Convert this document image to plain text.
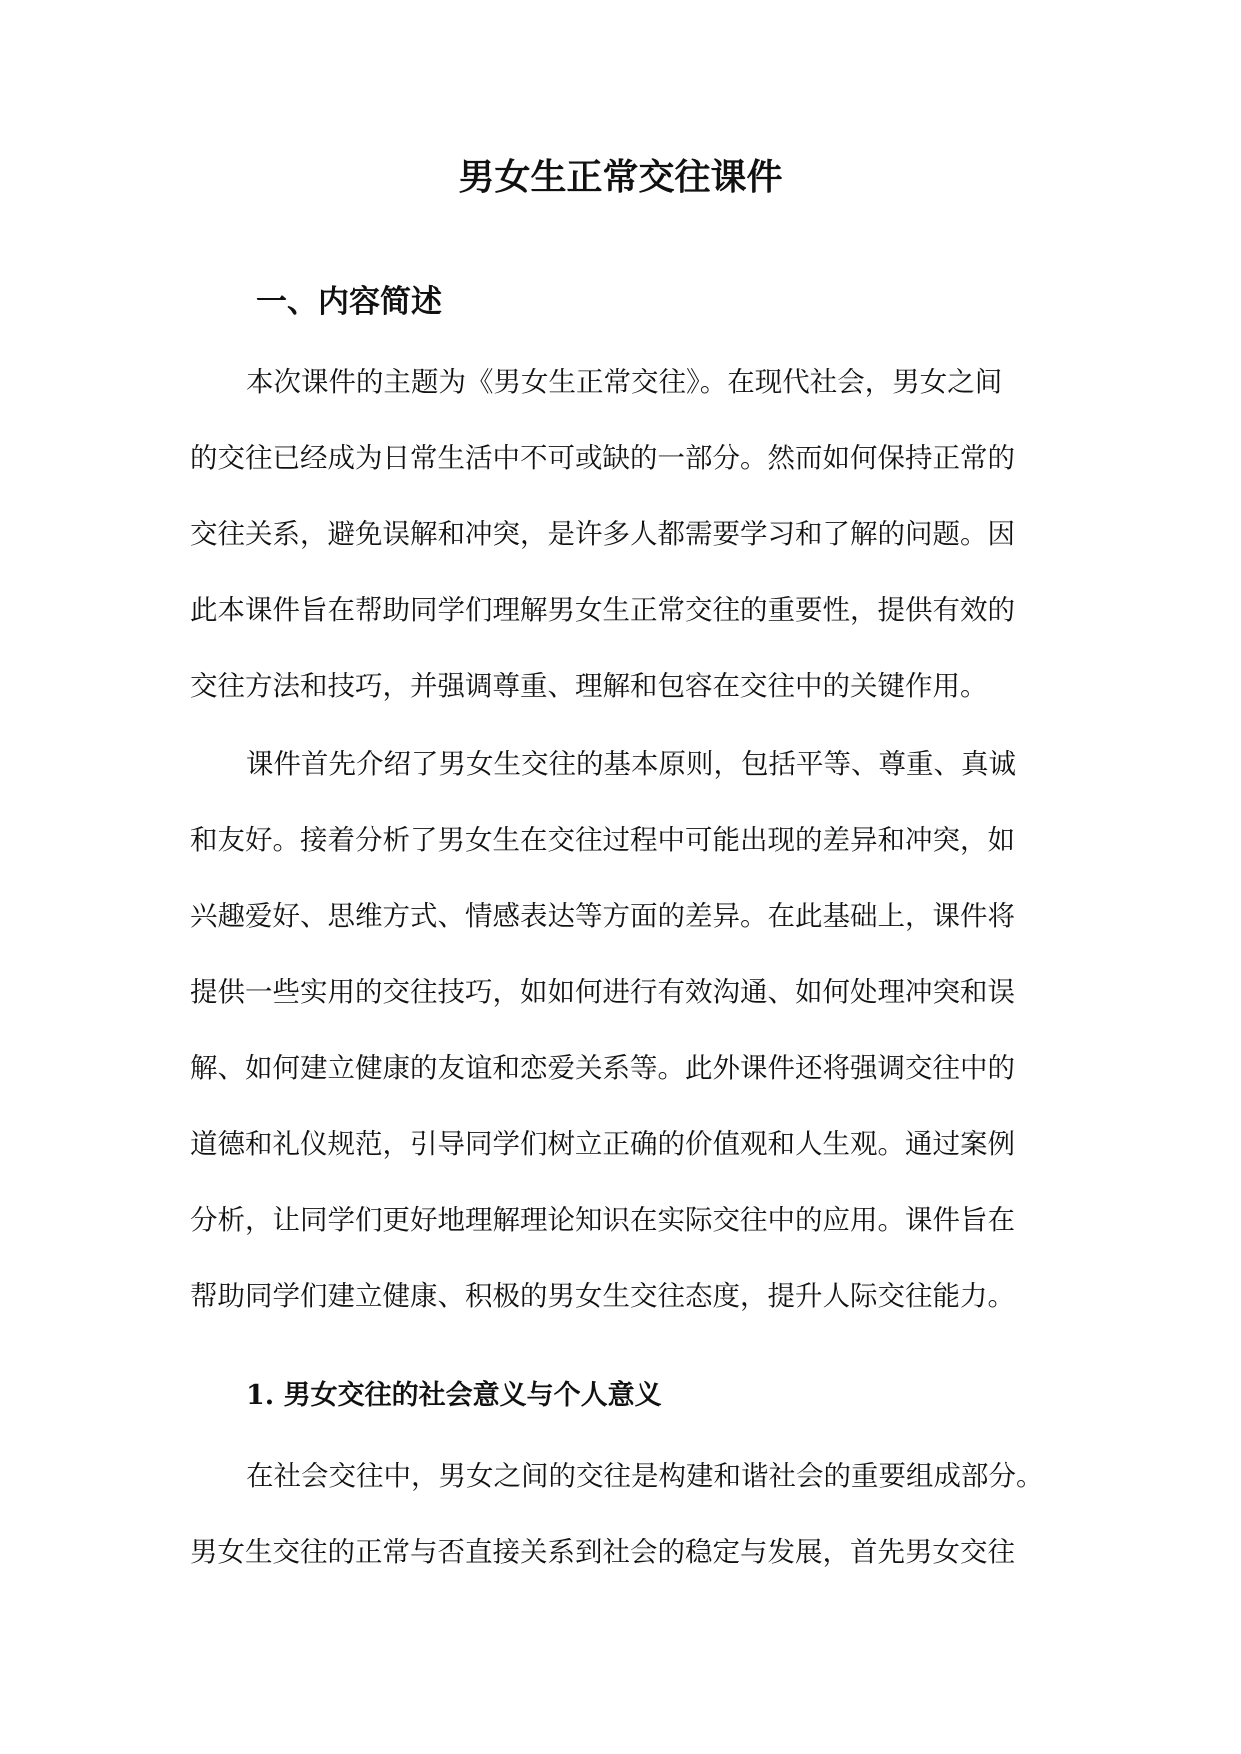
男女生正常交往课件
一、内容简述

本次课件的主题为《男女生正常交往》。在现代社会，男女之间

的交往已经成为日常生活中不可或缺的一部分。然而如何保持正常的

交往关系，避免误解和冲突，是许多人都需要学习和了解的问题。因

此本课件旨在帮助同学们理解男女生正常交往的重要性，提供有效的

交往方法和技巧，并强调尊重、理解和包容在交往中的关键作用。

课件首先介绍了男女生交往的基本原则，包括平等、尊重、真诚

和友好。接着分析了男女生在交往过程中可能出现的差异和冲突，如

兴趣爱好、思维方式、情感表达等方面的差异。在此基础上，课件将

提供一些实用的交往技巧，如如何进行有效沟通、如何处理冲突和误

解、如何建立健康的友谊和恋爱关系等。此外课件还将强调交往中的

道德和礼仪规范，引导同学们树立正确的价值观和人生观。通过案例

分析，让同学们更好地理解理论知识在实际交往中的应用。课件旨在

帮助同学们建立健康、积极的男女生交往态度，提升人际交往能力。

1. 男女交往的社会意义与个人意义

在社会交往中，男女之间的交往是构建和谐社会的重要组成部分。

男女生交往的正常与否直接关系到社会的稳定与发展，首先男女交往
